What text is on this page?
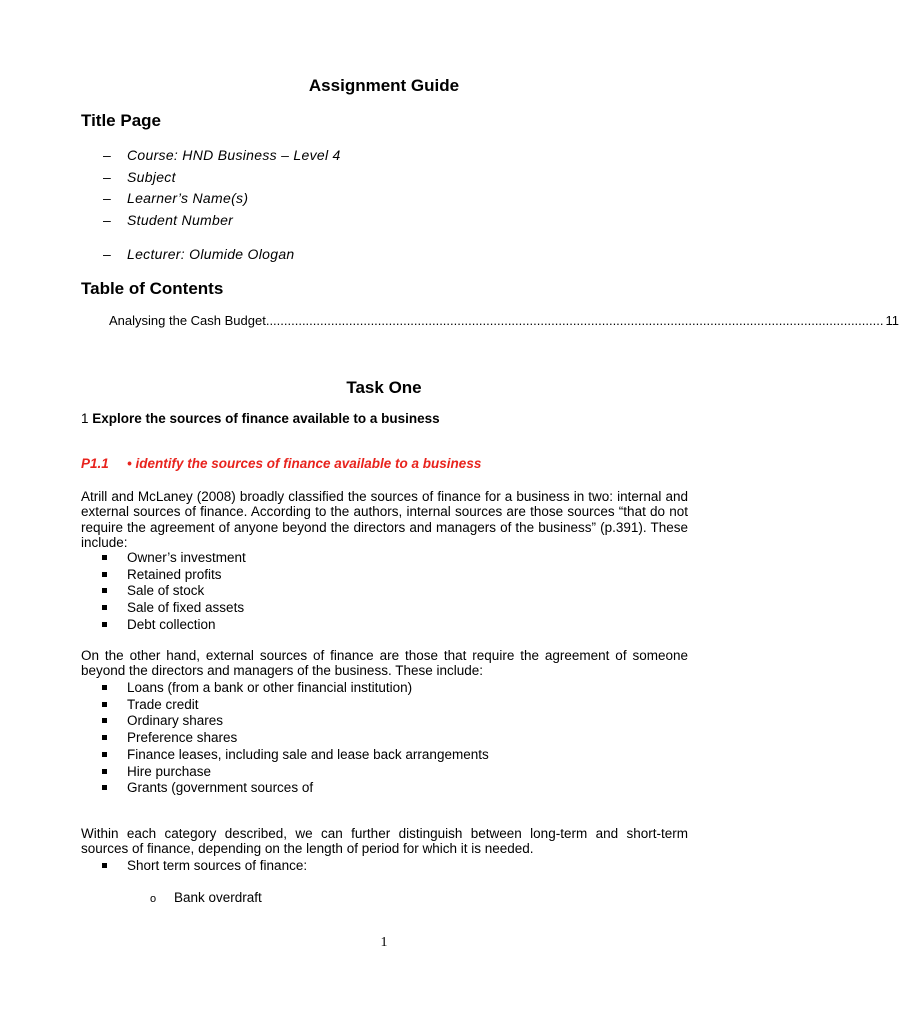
Assignment Guide
Title Page
– Course: HND Business – Level 4
– Subject
– Learner’s Name(s)
– Student Number
– Lecturer: Olumide Ologan
Table of Contents
Analysing the Cash Budget ........................................................................................................................................................................... 11
Task One
1 Explore the sources of finance available to a business
P1.1 • identify the sources of finance available to a business
Atrill and McLaney (2008) broadly classified the sources of finance for a business in two: internal and external sources of finance. According to the authors, internal sources are those sources “that do not require the agreement of anyone beyond the directors and managers of the business” (p.391). These include:
Owner’s investment
Retained profits
Sale of stock
Sale of fixed assets
Debt collection
On the other hand, external sources of finance are those that require the agreement of someone beyond the directors and managers of the business. These include:
Loans (from a bank or other financial institution)
Trade credit
Ordinary shares
Preference shares
Finance leases, including sale and lease back arrangements
Hire purchase
Grants (government sources of
Within each category described, we can further distinguish between long-term and short-term sources of finance, depending on the length of period for which it is needed.
Short term sources of finance:
o Bank overdraft
1
